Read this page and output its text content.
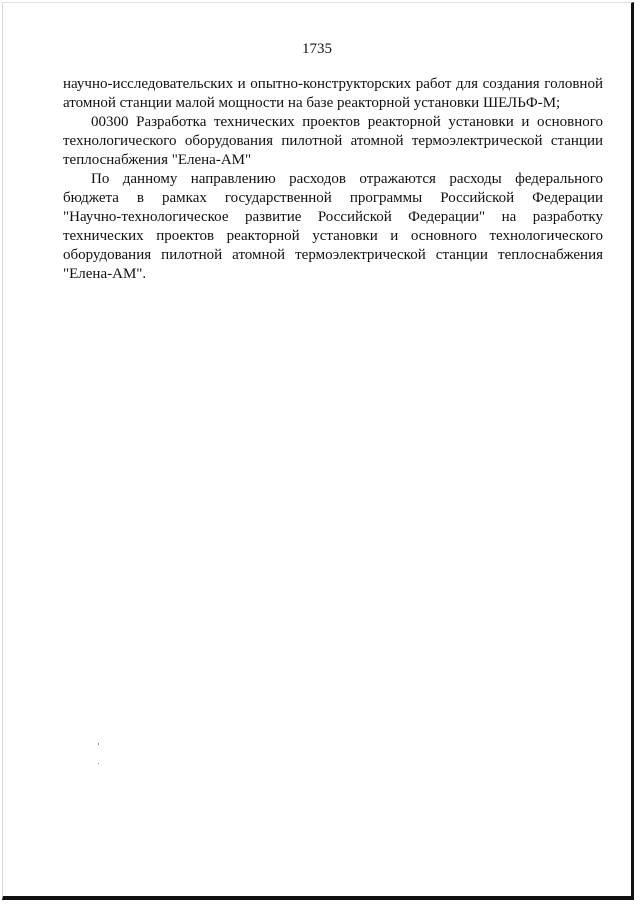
1735

научно-исследовательских и опытно-конструкторских работ для создания головной
атомной станции малой мощности на базе реакторной установки ШЕЛЬФ-М;

00300 Разработка технических проектов реакторной установки и основного
технологического оборудования пилотной атомной термоэлектрической станции
теплоснабжения "Елена-АМ"

По данному направлению расходов отражаются расходы федерального
бюджета в рамках государственной программы Российской Федерации
"Научно-технологическое развитие Российской Федерации" на разработку
технических проектов реакторной установки и основного технологического
оборудования пилотной атомной термоэлектрической станции теплоснабжения
"Елена-АМ".
